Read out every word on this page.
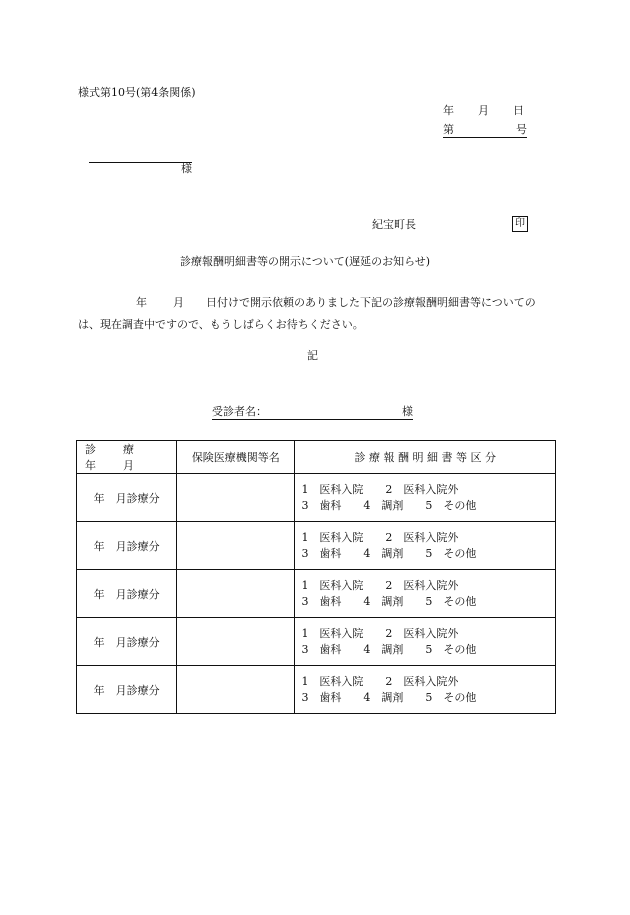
様式第10号(第4条関係)
年 月 日
第	号
様
紀宝町長	印
診療報酬明細書等の開示について(遅延のお知らせ)
年 月 日付けで開示依頼のありました下記の診療報酬明細書等についての
は、現在調査中ですので、もうしばらくお待ちください。
記
受診者名：	様
診　療　年　月	保険医療機関等名	診 療 報 酬 明 細 書 等 区 分
年　月診療分		1　医科入院　　2　医科入院外
3　歯科　　4　調剤　　5　その他

年　月診療分		1　医科入院　　2　医科入院外
3　歯科　　4　調剤　　5　その他

年　月診療分		1　医科入院　　2　医科入院外
3　歯科　　4　調剤　　5　その他

年　月診療分		1　医科入院　　2　医科入院外
3　歯科　　4　調剤　　5　その他

年　月診療分		1　医科入院　　2　医科入院外
3　歯科　　4　調剤　　5　その他
